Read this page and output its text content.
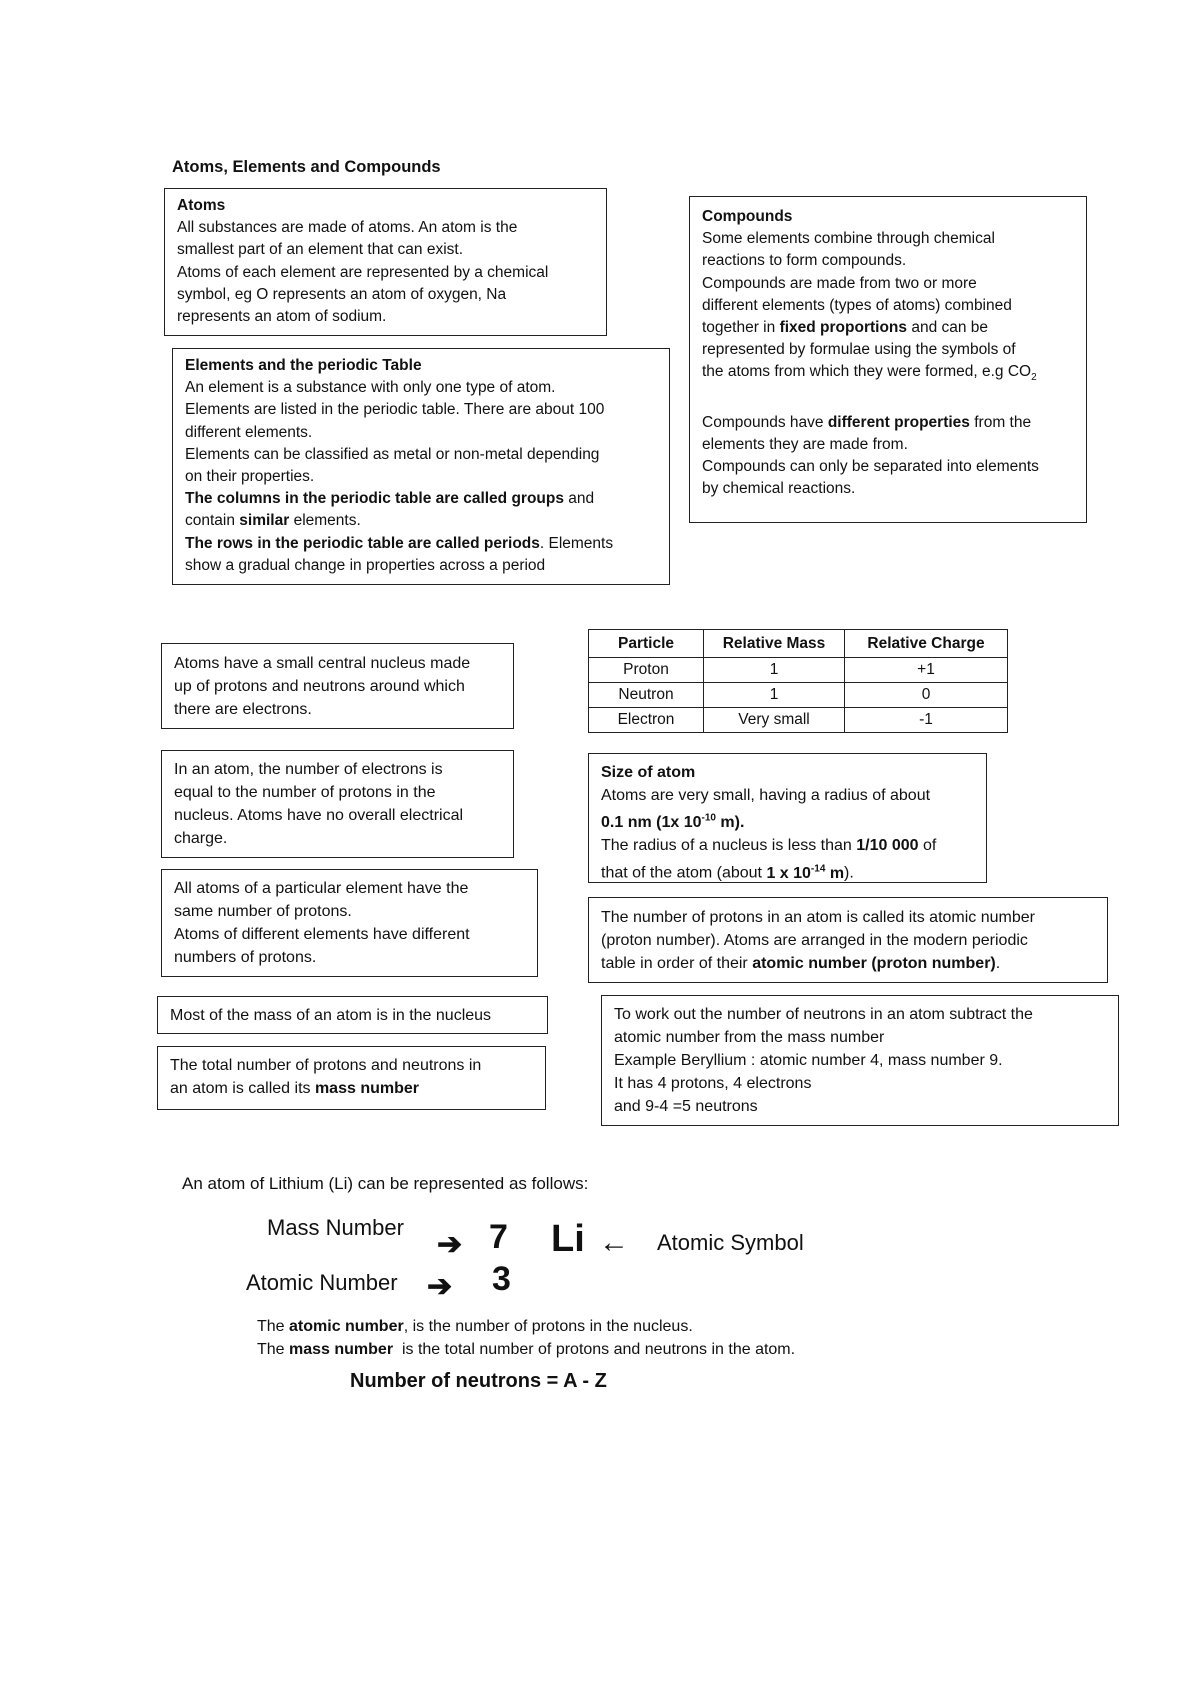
Atoms, Elements and Compounds
Atoms
All substances are made of atoms. An atom is the
smallest part of an element that can exist.
Atoms of each element are represented by a chemical
symbol, eg O represents an atom of oxygen, Na
represents an atom of sodium.
Elements and the periodic Table
An element is a substance with only one type of atom.
Elements are listed in the periodic table. There are about 100
different elements.
Elements can be classified as metal or non-metal depending
on their properties.
The columns in the periodic table are called groups and
contain similar elements.
The rows in the periodic table are called periods. Elements
show a gradual change in properties across a period
Compounds
Some elements combine through chemical
reactions to form compounds.
Compounds are made from two or more
different elements (types of atoms) combined
together in fixed proportions and can be
represented by formulae using the symbols of
the atoms from which they were formed, e.g $CO_2$
Compounds have different properties from the
elements they are made from.
Compounds can only be separated into elements
by chemical reactions.
Atoms have a small central nucleus made
up of protons and neutrons around which
there are electrons.
In an atom, the number of electrons is
equal to the number of protons in the
nucleus. Atoms have no overall electrical
charge.
All atoms of a particular element have the
same number of protons.
Atoms of different elements have different
numbers of protons.
Most of the mass of an atom is in the nucleus
The total number of protons and neutrons in
an atom is called its mass number
Particle	Relative Mass	Relative Charge
Proton	1	+1
Neutron	1	0
Electron	Very small	-1
Size of atom
Atoms are very small, having a radius of about
0.1 nm (1x $10^{-10}$ m).
The radius of a nucleus is less than 1/10 000 of
that of the atom (about 1 x $10^{-14}$ m).
The number of protons in an atom is called its atomic number
(proton number). Atoms are arranged in the modern periodic
table in order of their atomic number (proton number).
To work out the number of neutrons in an atom subtract the
atomic number from the mass number
Example Beryllium : atomic number 4, mass number 9.
It has 4 protons, 4 electrons
and 9-4 =5 neutrons
An atom of Lithium (Li) can be represented as follows:
Mass Number
➔ 7 Li ← Atomic Symbol
Atomic Number ➔ 3
The atomic number, is the number of protons in the nucleus.
The mass number  is the total number of protons and neutrons in the atom.
Number of neutrons = A - Z
